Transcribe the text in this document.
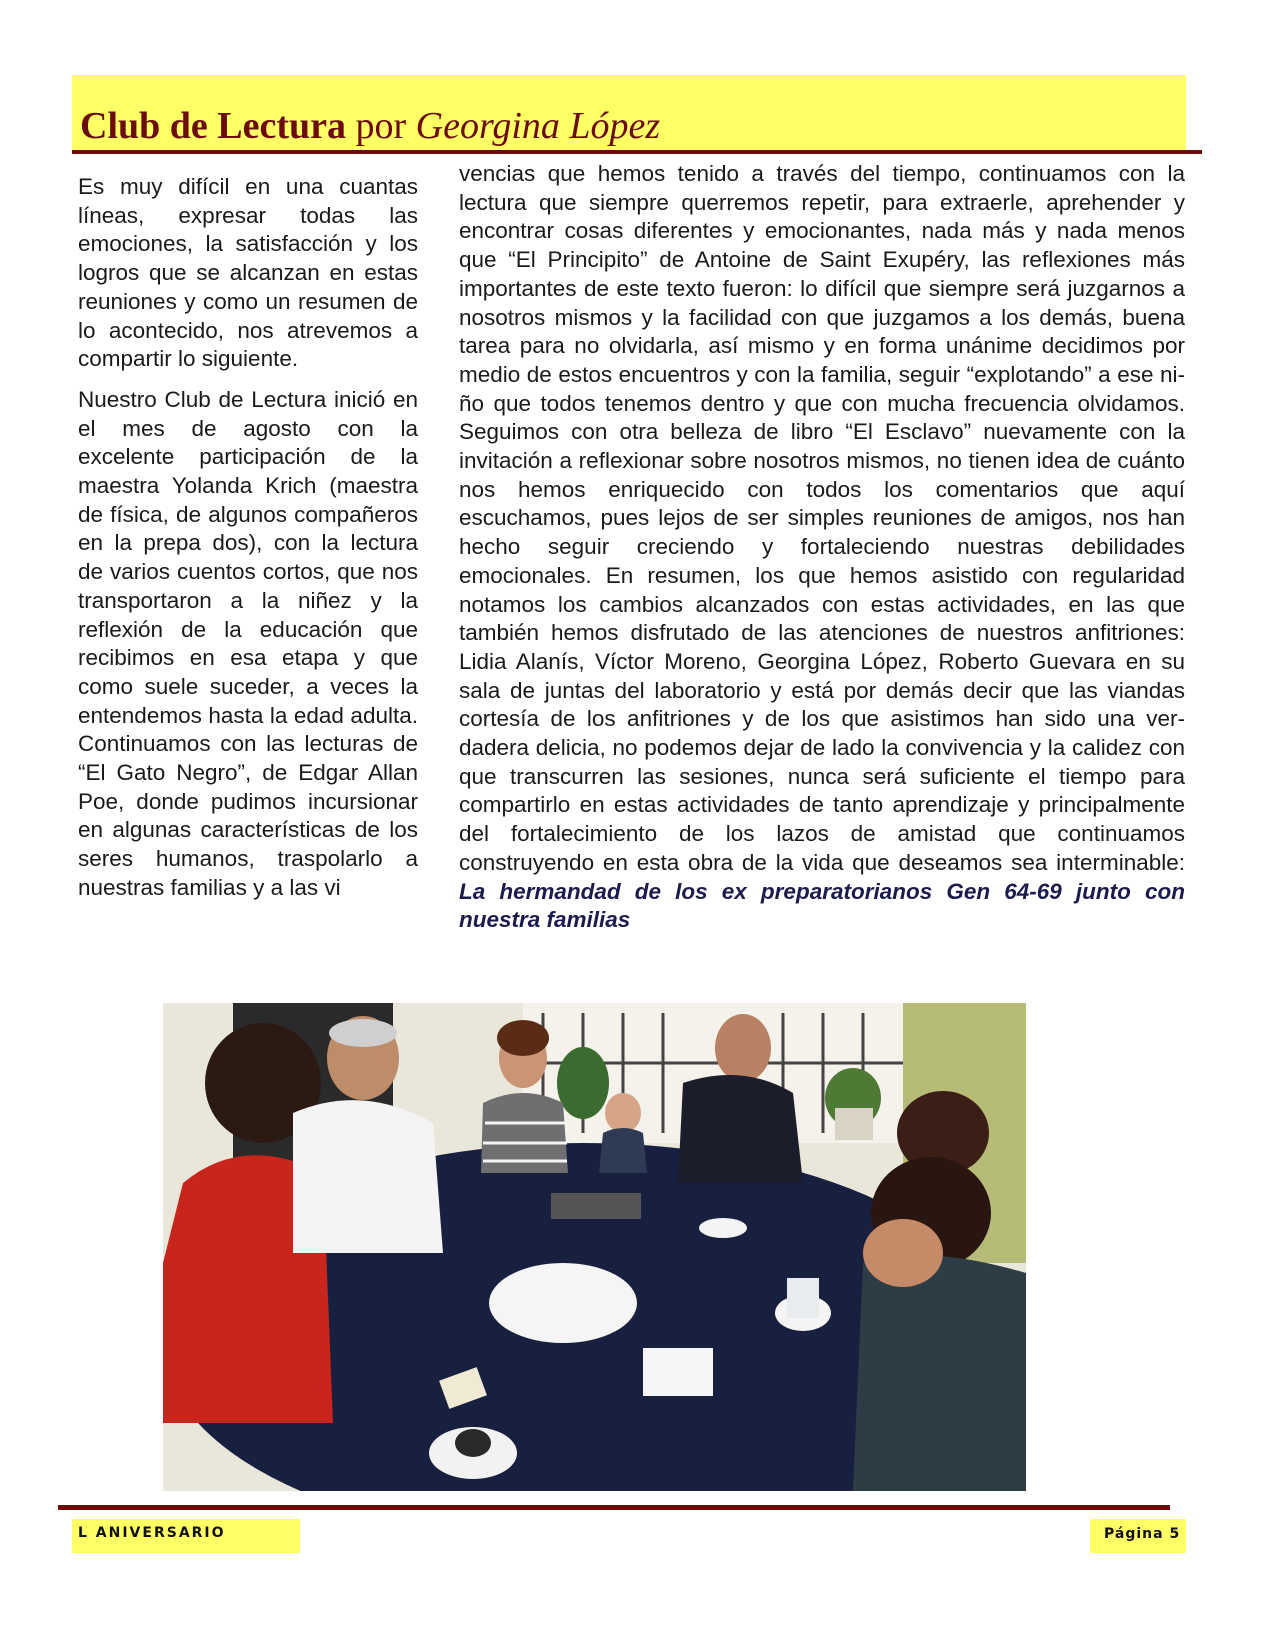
Club de Lectura por Georgina López

Es muy difícil en una cuantas líneas, expresar todas las emociones, la satisfacción y los logros que se alcanzan en estas reuniones y como un resumen de lo acontecido, nos atrevemos a compartir lo siguiente.

Nuestro Club de Lectura inició en el mes de agosto con la excelente participación de la maestra Yolanda Krich (maestra de física, de algunos compañeros en la prepa dos), con la lectura de varios cuentos cortos, que nos transportaron a la niñez y la reflexión de la educación que recibimos en esa etapa y que como suele suceder, a veces la entendemos hasta la edad adulta. Continuamos con las lecturas de “El Gato Negro”, de Edgar Allan Poe, donde pudimos incursionar en algunas características de los seres humanos, traspolarlo a nuestras familias y a las vi

vencias que hemos tenido a través del tiempo, continuamos con la lectura que siempre querremos repetir, para extraerle, aprehender y encontrar cosas diferentes y emocionantes, nada más y nada menos que “El Principito” de Antoine de Saint Exupéry, las reflexiones más importantes de este texto fueron: lo difícil que siempre será juzgarnos a nosotros mismos y la facilidad con que juzgamos a los demás, buena tarea para no olvidarla, así mismo y en forma unánime decidimos por medio de estos encuentros y con la familia, seguir “explotando” a ese niño que todos tenemos dentro y que con mucha frecuencia olvidamos. Seguimos con otra belleza de libro “El Esclavo” nuevamente con la invitación a reflexionar sobre nosotros mismos, no tienen idea de cuánto nos hemos enriquecido con todos los comentarios que aquí escuchamos, pues lejos de ser simples reuniones de amigos, nos han hecho seguir creciendo y fortaleciendo nuestras debilidades emocionales. En resumen, los que hemos asistido con regularidad notamos los cambios alcanzados con estas actividades, en las que también hemos disfrutado de las atenciones de nuestros anfitriones: Lidia Alanís, Víctor Moreno, Georgina López, Roberto Guevara en su sala de juntas del laboratorio y está por demás decir que las viandas cortesía de los anfitriones y de los que asistimos han sido una verdadera delicia, no podemos dejar de lado la convivencia y la calidez con que transcurren las sesiones, nunca será suficiente el tiempo para compartirlo en estas actividades de tanto aprendizaje y principalmente del fortalecimiento de los lazos de amistad que continuamos construyendo en esta obra de la vida que deseamos sea interminable: La hermandad de los ex preparatorianos Gen 64-69 junto con nuestra familias

L ANIVERSARIO	Página 5
